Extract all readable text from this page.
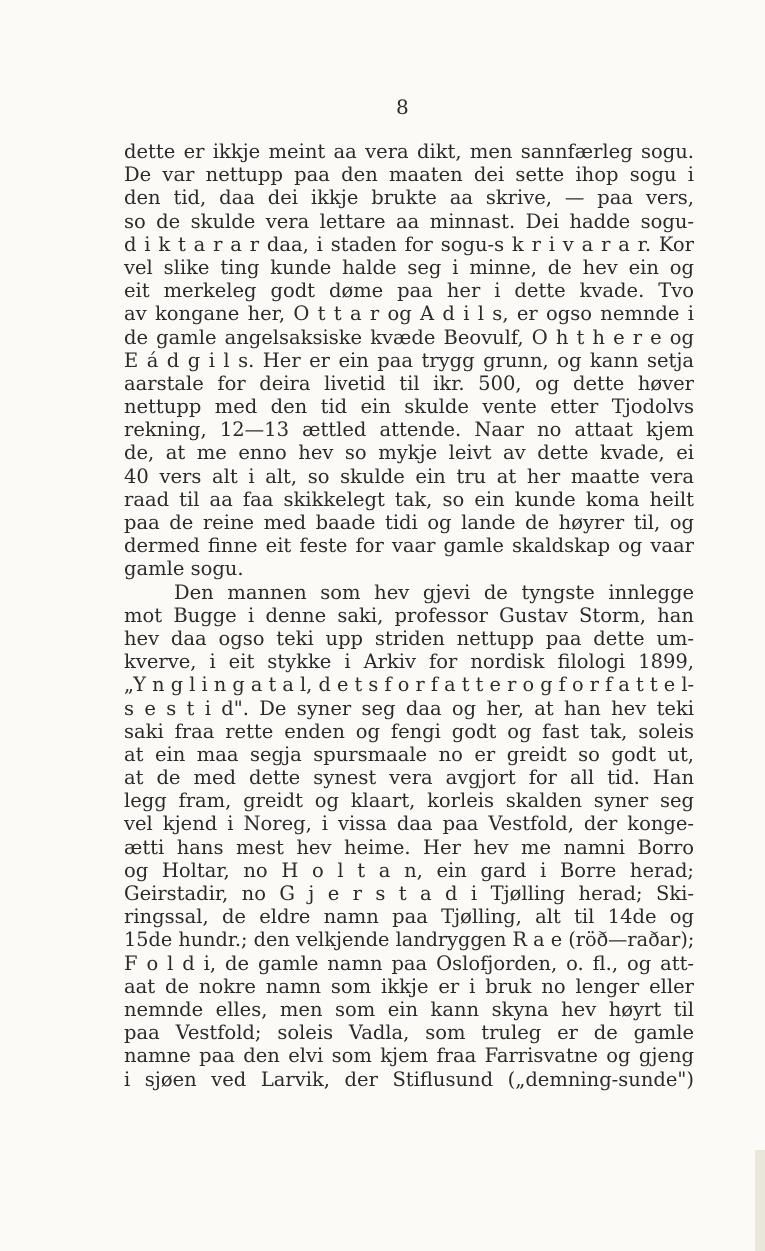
8
dette er ikkje meint aa vera dikt, men sannfærleg sogu.
De var nettupp paa den maaten dei sette ihop sogu i
den tid, daa dei ikkje brukte aa skrive, — paa vers,
so de skulde vera lettare aa minnast. Dei hadde sogu-
d i k t a r a r daa, i staden for sogu-s k r i v a r a r. Kor
vel slike ting kunde halde seg i minne, de hev ein og
eit merkeleg godt døme paa her i dette kvade. Tvo
av kongane her, O t t a r og A d i l s, er ogso nemnde i
de gamle angelsaksiske kvæde Beovulf, O h t h e r e og
E á d g i l s. Her er ein paa trygg grunn, og kann setja
aarstale for deira livetid til ikr. 500, og dette høver
nettupp med den tid ein skulde vente etter Tjodolvs
rekning, 12—13 ættled attende. Naar no attaat kjem
de, at me enno hev so mykje leivt av dette kvade, ei
40 vers alt i alt, so skulde ein tru at her maatte vera
raad til aa faa skikkelegt tak, so ein kunde koma heilt
paa de reine med baade tidi og lande de høyrer til, og
dermed finne eit feste for vaar gamle skaldskap og vaar
gamle sogu.
Den mannen som hev gjevi de tyngste innlegge
mot Bugge i denne saki, professor Gustav Storm, han
hev daa ogso teki upp striden nettupp paa dette um-
kverve, i eit stykke i Arkiv for nordisk filologi 1899,
„Y n g l i n g a t a l, d e t s f o r f a t t e r o g f o r f a t t e l-
s e s t i d". De syner seg daa og her, at han hev teki
saki fraa rette enden og fengi godt og fast tak, soleis
at ein maa segja spursmaale no er greidt so godt ut,
at de med dette synest vera avgjort for all tid. Han
legg fram, greidt og klaart, korleis skalden syner seg
vel kjend i Noreg, i vissa daa paa Vestfold, der konge-
ætti hans mest hev heime. Her hev me namni Borro
og Holtar, no H o l t a n, ein gard i Borre herad;
Geirstadir, no G j e r s t a d i Tjølling herad; Ski-
ringssal, de eldre namn paa Tjølling, alt til 14de og
15de hundr.; den velkjende landryggen R a e (röð—raðar);
F o l d i, de gamle namn paa Oslofjorden, o. fl., og att-
aat de nokre namn som ikkje er i bruk no lenger eller
nemnde elles, men som ein kann skyna hev høyrt til
paa Vestfold; soleis Vadla, som truleg er de gamle
namne paa den elvi som kjem fraa Farrisvatne og gjeng
i sjøen ved Larvik, der Stiflusund („demning-sunde")
